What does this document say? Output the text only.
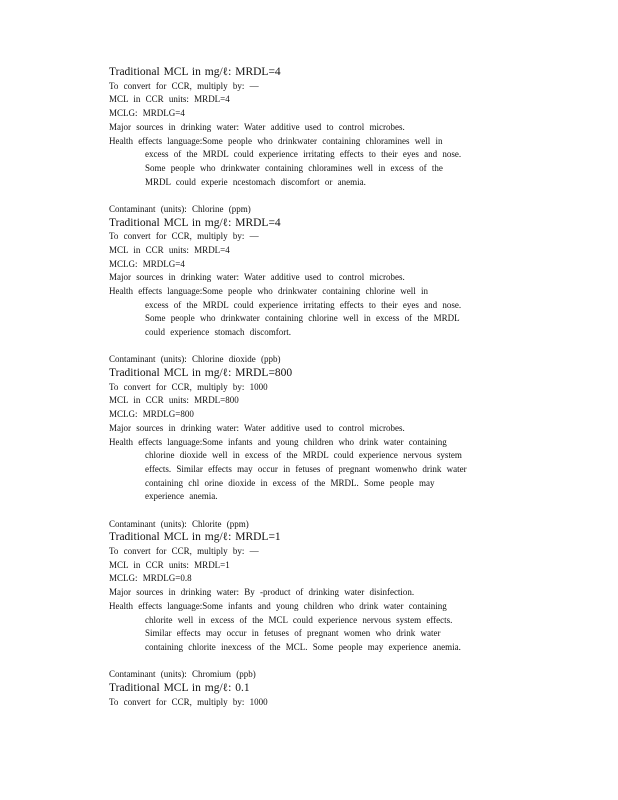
Traditional MCL in mg/ℓ: MRDL=4
To convert for CCR, multiply by: —
MCL in CCR units: MRDL=4
MCLG: MRDLG=4
Major sources in drinking water: Water additive used to control microbes.
Health effects language:Some people who drinkwater containing chloramines well in
excess of the MRDL could experience irritating effects to their eyes and nose.
Some people who drinkwater containing chloramines well in excess of the
MRDL could experie ncestomach discomfort or anemia.
Contaminant (units): Chlorine (ppm)
Traditional MCL in mg/ℓ: MRDL=4
To convert for CCR, multiply by: —
MCL in CCR units: MRDL=4
MCLG: MRDLG=4
Major sources in drinking water: Water additive used to control microbes.
Health effects language:Some people who drinkwater containing chlorine well in
excess of the MRDL could experience irritating effects to their eyes and nose.
Some people who drinkwater containing chlorine well in excess of the MRDL
could experience stomach discomfort.
Contaminant (units): Chlorine dioxide (ppb)
Traditional MCL in mg/ℓ: MRDL=800
To convert for CCR, multiply by: 1000
MCL in CCR units: MRDL=800
MCLG: MRDLG=800
Major sources in drinking water: Water additive used to control microbes.
Health effects language:Some infants and young children who drink water containing
chlorine dioxide well in excess of the MRDL could experience nervous system
effects. Similar effects may occur in fetuses of pregnant womenwho drink water
containing chl orine dioxide in excess of the MRDL. Some people may
experience anemia.
Contaminant (units): Chlorite (ppm)
Traditional MCL in mg/ℓ: MRDL=1
To convert for CCR, multiply by: —
MCL in CCR units: MRDL=1
MCLG: MRDLG=0.8
Major sources in drinking water: By -product of drinking water disinfection.
Health effects language:Some infants and young children who drink water containing
chlorite well in excess of the MCL could experience nervous system effects.
Similar effects may occur in fetuses of pregnant women who drink water
containing chlorite inexcess of the MCL. Some people may experience anemia.
Contaminant (units): Chromium (ppb)
Traditional MCL in mg/ℓ: 0.1
To convert for CCR, multiply by: 1000
